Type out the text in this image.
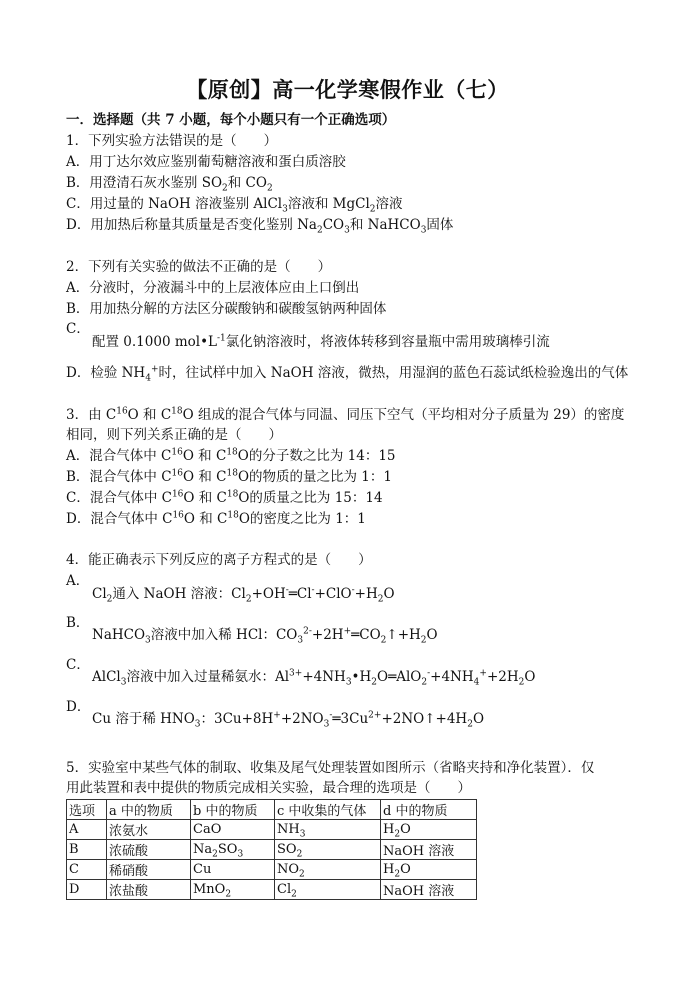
【原创】高一化学寒假作业（七）
一．选择题（共 7 小题，每个小题只有一个正确选项）
1．下列实验方法错误的是（　　）
A．用丁达尔效应鉴别葡萄糖溶液和蛋白质溶胶
B．用澄清石灰水鉴别 $SO_2$和 $CO_2$
C．用过量的 NaOH 溶液鉴别 AlCl$_3$溶液和 MgCl$_2$溶液
D．用加热后称量其质量是否变化鉴别 $Na_2CO_3$和 NaHCO$_3$固体
2．下列有关实验的做法不正确的是（　　）
A．分液时，分液漏斗中的上层液体应由上口倒出
B．用加热分解的方法区分碳酸钠和碳酸氢钠两种固体
C．
配置 0.1000 $mol•L^{-1}$氯化钠溶液时，将液体转移到容量瓶中需用玻璃棒引流
D．检验 $NH_4^+$时，往试样中加入 NaOH 溶液，微热，用湿润的蓝色石蕊试纸检验逸出的气体
3．由 $C^{16}O$ 和 $C^{18}O$ 组成的混合气体与同温、同压下空气（平均相对分子质量为 29）的密度
相同，则下列关系正确的是（　　）
A．混合气体中 $C^{16}O$ 和 $C^{18}O$的分子数之比为 14：15
B．混合气体中 $C^{16}O$ 和 $C^{18}O$的物质的量之比为 1：1
C．混合气体中 $C^{16}O$ 和 $C^{18}O$的质量之比为 15：14
D．混合气体中 $C^{16}O$ 和 $C^{18}O$的密度之比为 1：1
4．能正确表示下列反应的离子方程式的是（　　）
A．
$Cl_2$通入 NaOH 溶液：$Cl_2+OH^-═Cl^-+ClO^-+H_2O$
B．
NaHCO$_3$溶液中加入稀 HCl：$CO_3^{2-}+2H^+═CO_2↑+H_2O$
C．
AlCl$_3$溶液中加入过量稀氨水：$Al^{3+}+4NH_3•H_2O═AlO_2^-+4NH_4^++2H_2O$
D．
Cu 溶于稀 $HNO_3$：$3Cu+8H^++2NO_3^-═3Cu^{2+}+2NO↑+4H_2O$
5．实验室中某些气体的制取、收集及尾气处理装置如图所示（省略夹持和净化装置）．仅
用此装置和表中提供的物质完成相关实验，最合理的选项是（　　）
选项	a 中的物质	b 中的物质	c 中收集的气体	d 中的物质
A	浓氨水	CaO	$NH_3$	$H_2O$
B	浓硫酸	$Na_2SO_3$	$SO_2$	NaOH 溶液
C	稀硝酸	Cu	$NO_2$	$H_2O$
D	浓盐酸	MnO$_2$	$Cl_2$	NaOH 溶液
